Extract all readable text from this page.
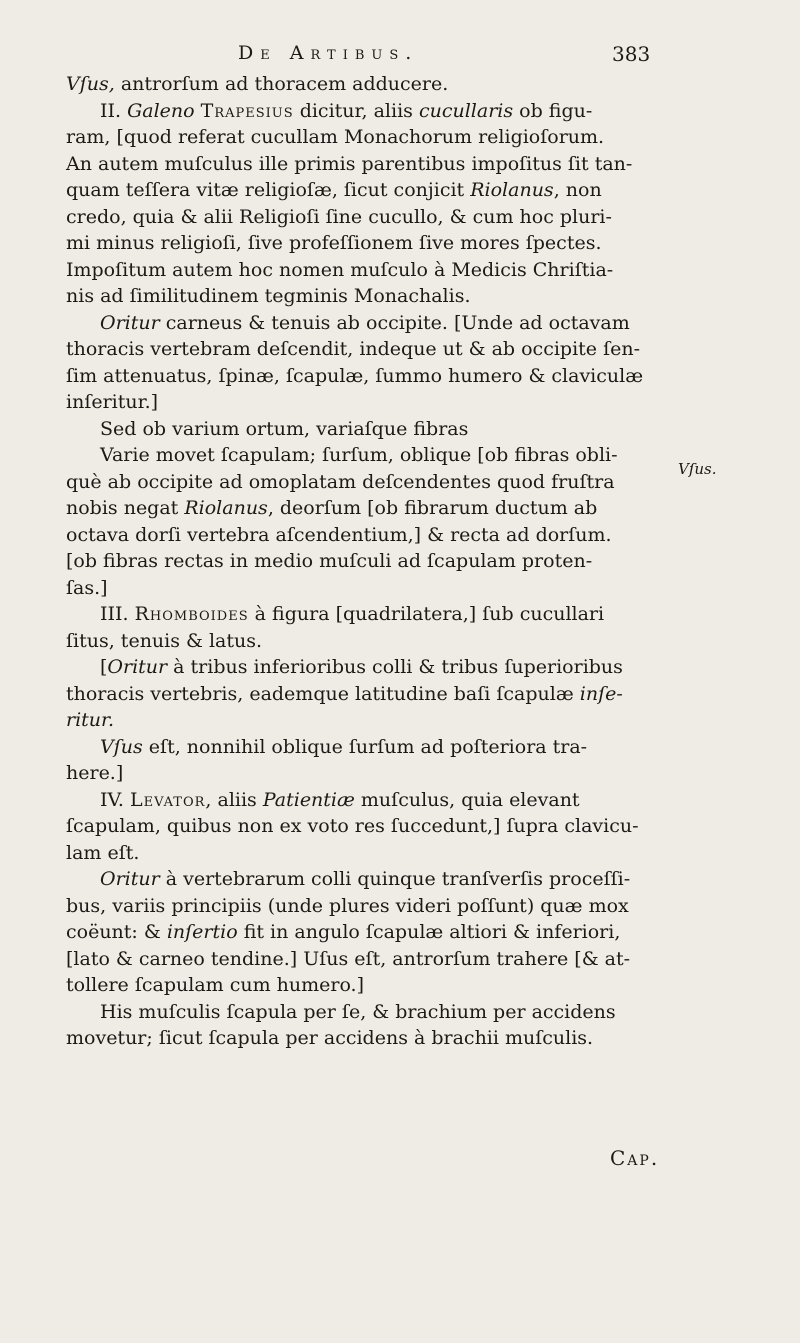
De Artibus.	383
Vſus, antrorſum ad thoracem adducere.
II. Galeno Trapesius dicitur, aliis cucullaris ob figu-
ram, [quod referat cucullam Monachorum religioſorum.
An autem muſculus ille primis parentibus impoſitus ſit tan-
quam teſſera vitæ religioſæ, ſicut conjicit Riolanus, non
credo, quia & alii Religioſi ſine cucullo, & cum hoc pluri-
mi minus religioſi, ſive profeſſionem ſive mores ſpectes.
Impoſitum autem hoc nomen muſculo à Medicis Chriſtia-
nis ad ſimilitudinem tegminis Monachalis.
Oritur carneus & tenuis ab occipite. [Unde ad octavam
thoracis vertebram deſcendit, indeque ut & ab occipite ſen-
ſim attenuatus, ſpinæ, ſcapulæ, ſummo humero & claviculæ
inſeritur.]
Sed ob varium ortum, variaſque fibras
Varie movet ſcapulam; ſurſum, oblique [ob fibras obli-
què ab occipite ad omoplatam deſcendentes quod fruſtra
nobis negat Riolanus, deorſum [ob fibrarum ductum ab
octava dorſi vertebra aſcendentium,] & recta ad dorſum.
[ob fibras rectas in medio muſculi ad ſcapulam proten-
ſas.]
III. Rhomboides à figura [quadrilatera,] ſub cucullari
ſitus, tenuis & latus.
[Oritur à tribus inferioribus colli & tribus ſuperioribus
thoracis vertebris, eademque latitudine baſi ſcapulæ inſe-
ritur.
Vſus eſt, nonnihil oblique ſurſum ad poſteriora tra-
here.]
IV. Levator, aliis Patientiæ muſculus, quia elevant
ſcapulam, quibus non ex voto res ſuccedunt,] ſupra clavicu-
lam eſt.
Oritur à vertebrarum colli quinque tranſverſis proceſſi-
bus, variis principiis (unde plures videri poſſunt) quæ mox
coëunt: & inſertio fit in angulo ſcapulæ altiori & inferiori,
[lato & carneo tendine.] Uſus eſt, antrorſum trahere [& at-
tollere ſcapulam cum humero.]
His muſculis ſcapula per ſe, & brachium per accidens
movetur; ſicut ſcapula per accidens à brachii muſculis.
Vſus.
Cap.
